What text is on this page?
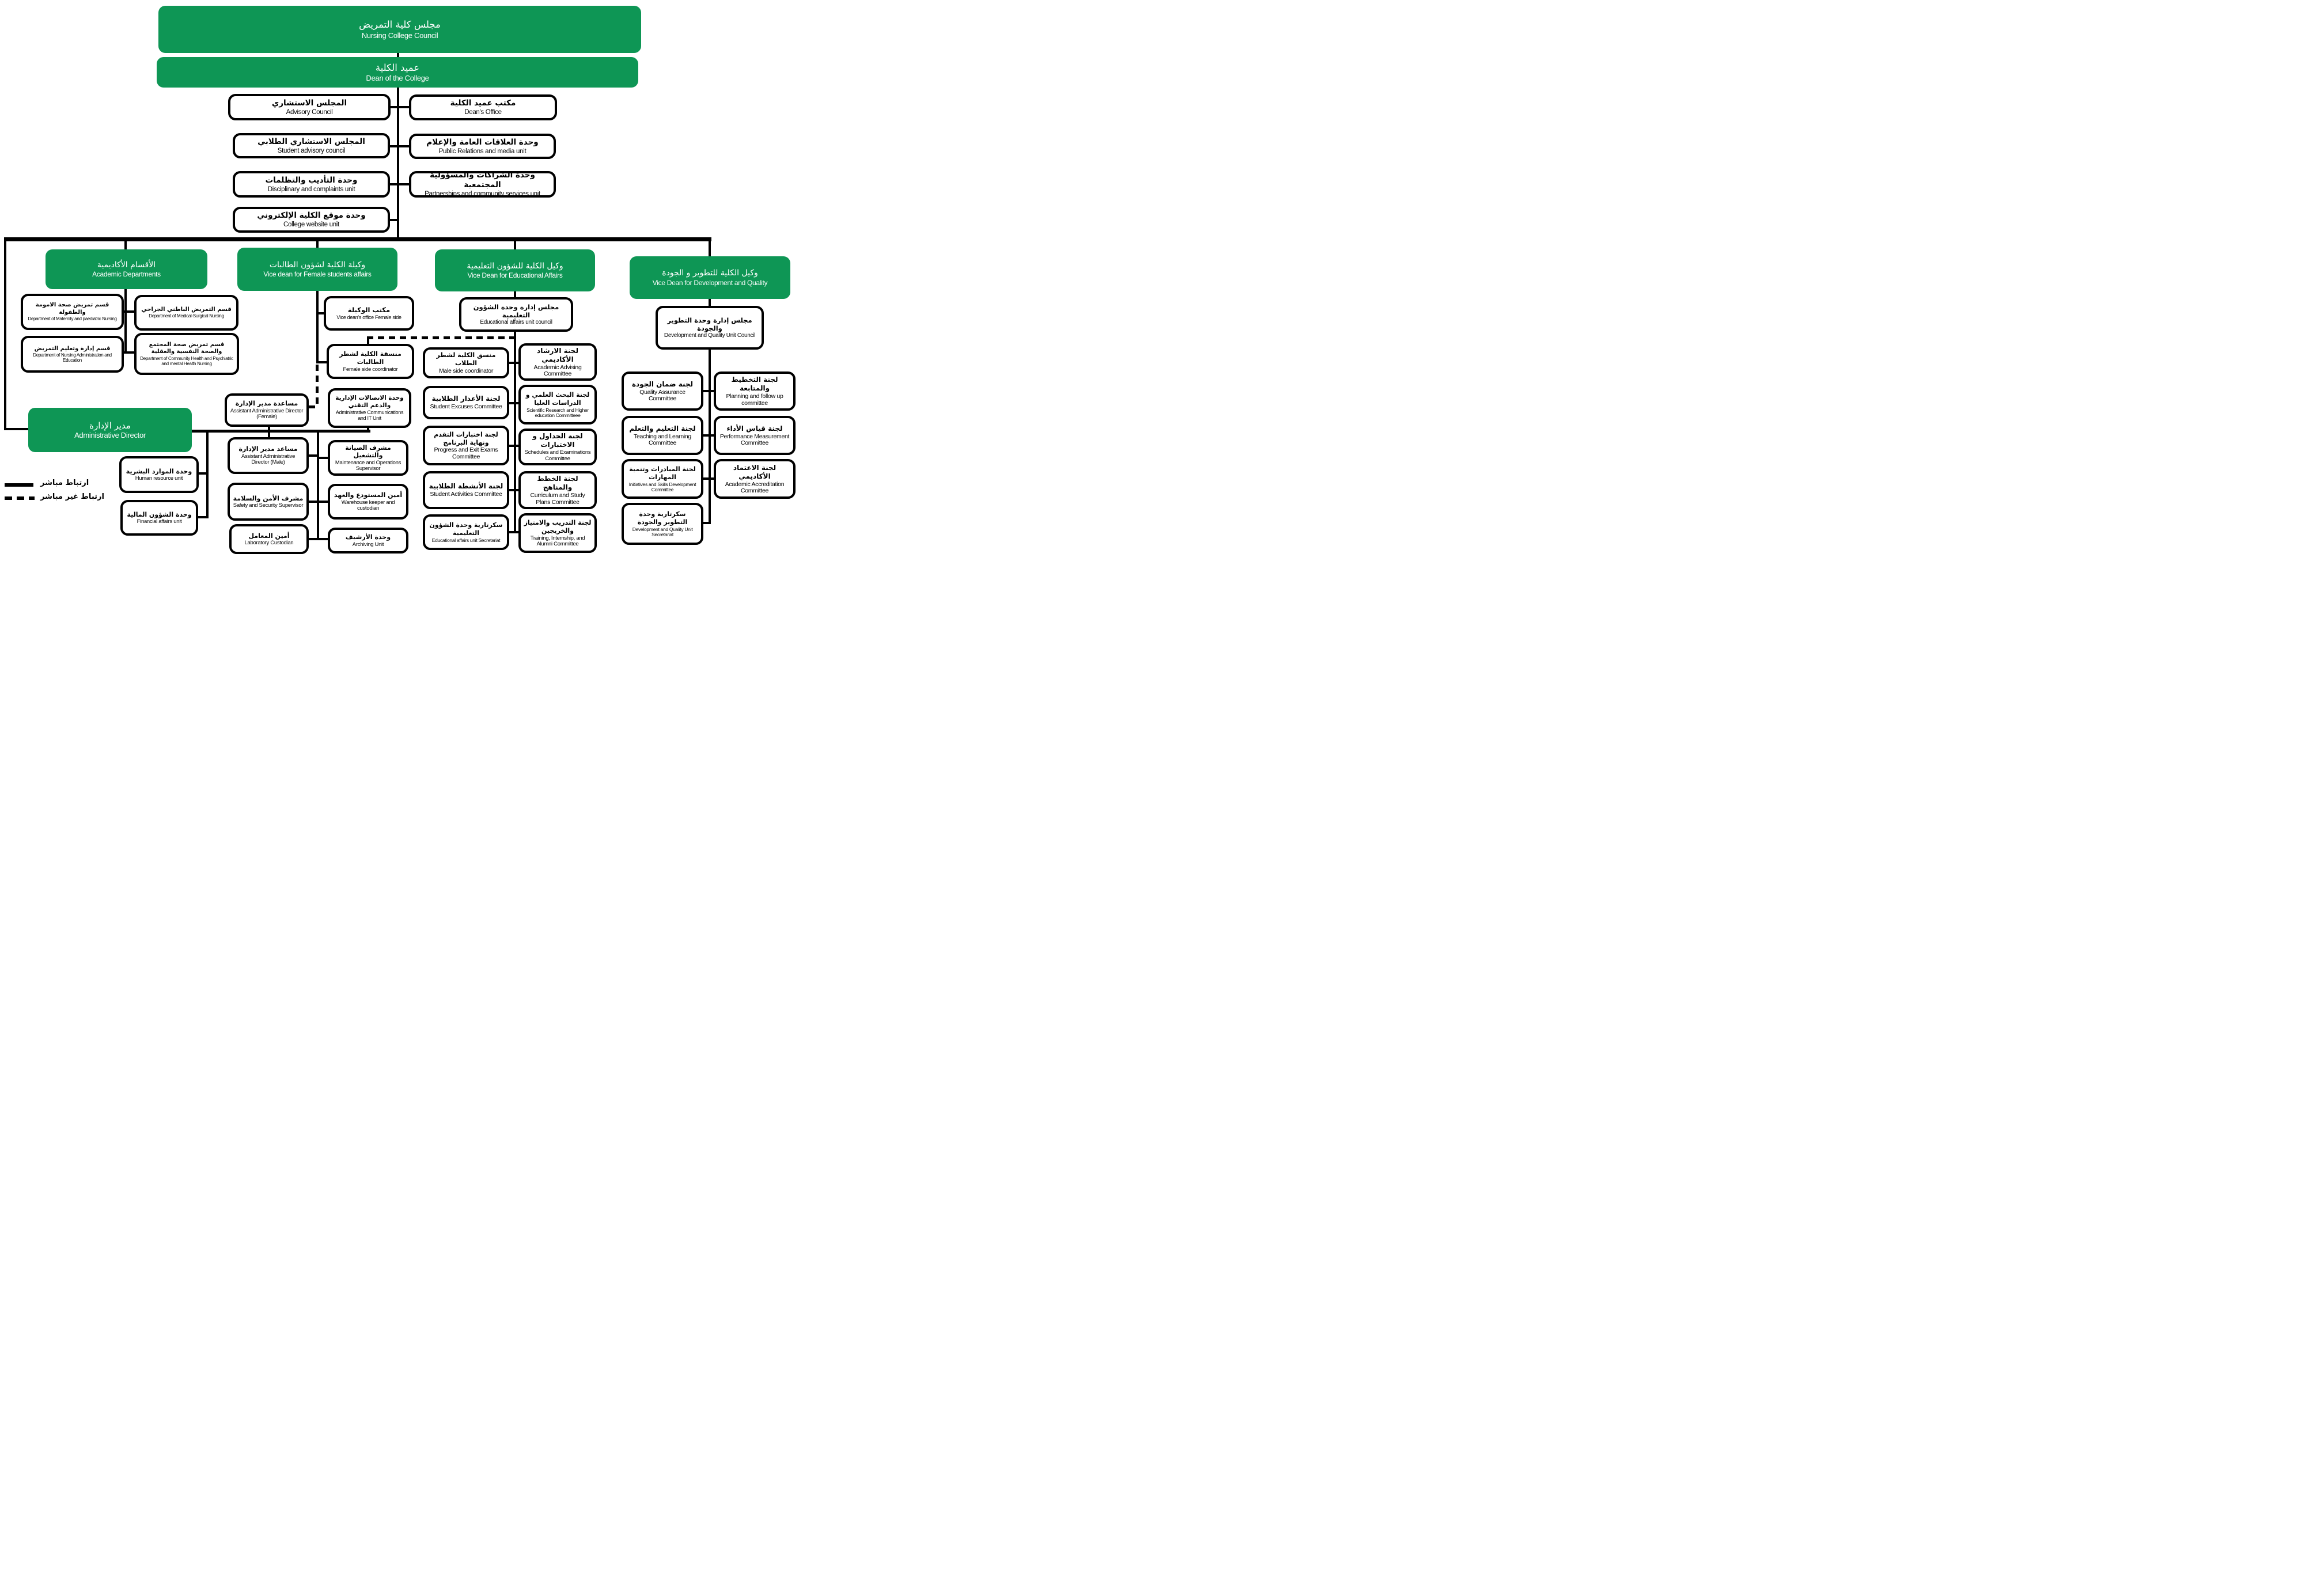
مجلس كلية التمريض
Nursing College Council
عميد الكلية
Dean of the College
المجلس الاستشاري
Advisory Council
مكتب عميد الكلية
Dean's Office
المجلس الاستشاري الطلابي
Student advisory council
وحدة العلاقات العامة والإعلام
Public Relations and media unit
وحدة التأديب والتظلمات
Disciplinary and complaints unit
وحدة الشراكات والمسؤولية المجتمعية
Partnerships and community services unit
وحدة موقع الكلية الإلكتروني
College website unit
الأقسام الأكاديمية
Academic Departments
وكيلة الكلية لشؤون الطالبات
Vice dean for Female students affairs
وكيل الكلية للشؤون التعليمية
Vice Dean for Educational Affairs	وكيل الكلية للتطوير و الجودة
Vice Dean for Development and Quality
قسم تمريض صحة الامومة والطفولة
Department of Maternity and paediatric Nursing
قسم التمريض الباطني الجراحي
Department of Medical-Surgical Nursing
قسم إدارة وتعليم التمريض
Department of Nursing Administration and Education
قسم تمريض صحة المجتمع والصحة النفسية والعقلية
Department of Community Health and Psychiatric and mental Health Nursing
مكتب الوكيلة
Vice dean's office Female side
منسقة الكلية لشطر الطالبات
Female side coordinator
وحدة الاتصالات الإدارية والدعم التقني
Administrative Communications and IT Unit
مجلس إدارة وحدة الشؤون التعليمية
Educational affairs unit council
منسق الكلية لشطر الطلاب
Male side coordinator
لجنة الارشاد الأكاديمي
Academic Advising Committee
لجنة الأعذار الطلابية
Student Excuses Committee
لجنة البحث العلمي و الدراسات العليا
Scientific Research and Higher education Committeee
لجنة اختبارات التقدم ونهاية البرنامج
Progress and Exit Exams Committee
لجنة الجداول و الاختبارات
Schedules and Examinations Committee
لجنة الأنشطة الطلابية
Student Activities Committee
لجنة الخطط والمناهج
Curriculum and Study Plans Committee
سكرتارية وحدة الشؤون التعليمية
Educational affairs unit Secretariat
لجنة التدريب والامتياز والخريجين
Training, Internship, and Alumni Committee
مجلس إدارة وحدة التطوير والجودة
Development and Quality Unit Council
لجنة ضمان الجودة
Quality Assurance Committee
لجنة التخطيط والمتابعة
Planning and follow up committee
لجنة التعليم والتعلم
Teaching and Learning Committee
لجنة قياس الأداء
Performance Measurement Committee
لجنة المبادرات وتنمية المهارات
Initiatives and Skills Development Committee
لجنة الاعتماد الأكاديمي
Academic Accreditation Committee
سكرتارية وحدة التطوير والجودة
Development and Quality Unit Secretariat
مدير الإدارة
Administrative Director
وحدة الموارد البشرية
Human resource unit
وحدة الشؤون المالية
Financial affairs unit
مساعدة مدير الإدارة
Assistant Administrative Director (Female)
مساعد مدير الإدارة
Assistant Administrative Director (Male)
مشرف الأمن والسلامة
Safety and Security Supervisor
أمين المعامل
Laboratory Custodian
مشرف الصيانة والتشغيل
Maintenance and Operations Supervisor
أمين المستودع والعهد
Warehouse keeper and custodian
وحدة الأرشيف
Archiving Unit
ارتباط مباشر
ارتباط غير مباشر
